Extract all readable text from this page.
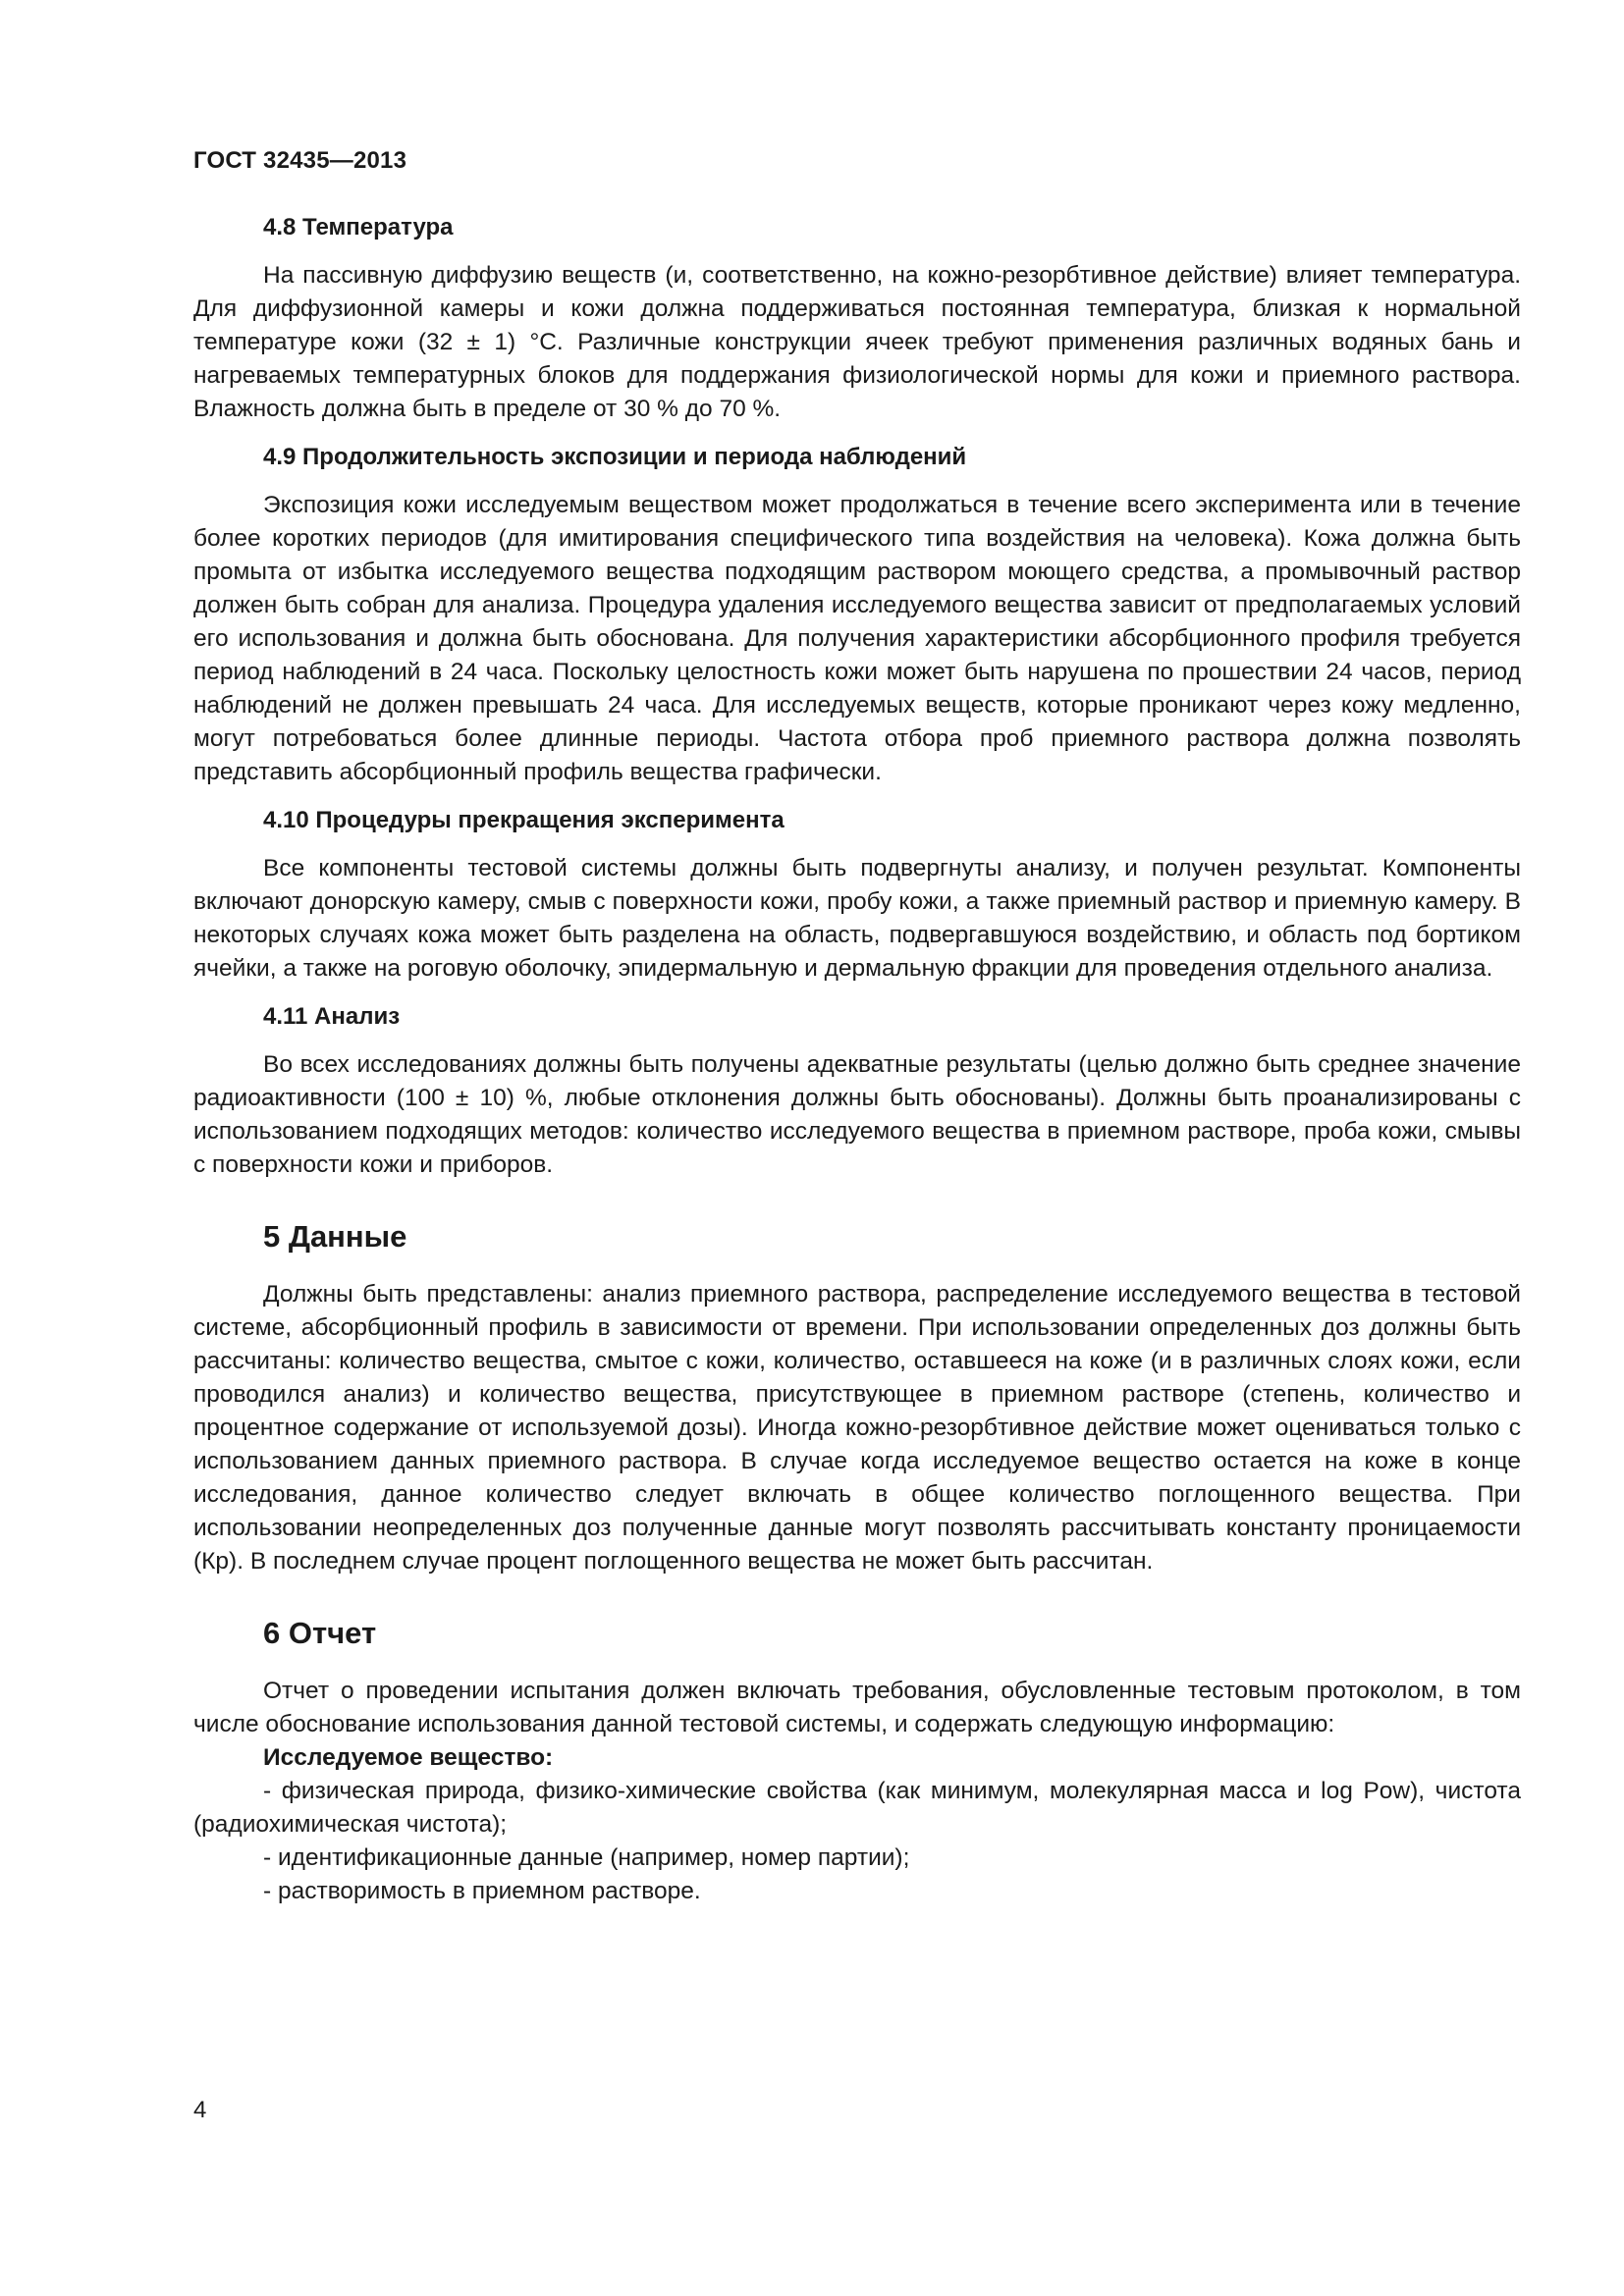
ГОСТ 32435—2013
4.8 Температура

На пассивную диффузию веществ (и, соответственно, на кожно-резорбтивное действие) влияет температура. Для диффузионной камеры и кожи должна поддерживаться постоянная температура, близкая к нормальной температуре кожи (32 ± 1) °С. Различные конструкции ячеек требуют применения различных водяных бань и нагреваемых температурных блоков для поддержания физиологической нормы для кожи и приемного раствора. Влажность должна быть в пределе от 30 % до 70 %.

4.9 Продолжительность экспозиции и периода наблюдений

Экспозиция кожи исследуемым веществом может продолжаться в течение всего эксперимента или в течение более коротких периодов (для имитирования специфического типа воздействия на человека). Кожа должна быть промыта от избытка исследуемого вещества подходящим раствором моющего средства, а промывочный раствор должен быть собран для анализа. Процедура удаления исследуемого вещества зависит от предполагаемых условий его использования и должна быть обоснована. Для получения характеристики абсорбционного профиля требуется период наблюдений в 24 часа. Поскольку целостность кожи может быть нарушена по прошествии 24 часов, период наблюдений не должен превышать 24 часа. Для исследуемых веществ, которые проникают через кожу медленно, могут потребоваться более длинные периоды. Частота отбора проб приемного раствора должна позволять представить абсорбционный профиль вещества графически.

4.10 Процедуры прекращения эксперимента

Все компоненты тестовой системы должны быть подвергнуты анализу, и получен результат. Компоненты включают донорскую камеру, смыв с поверхности кожи, пробу кожи, а также приемный раствор и приемную камеру. В некоторых случаях кожа может быть разделена на область, подвергавшуюся воздействию, и область под бортиком ячейки, а также на роговую оболочку, эпидермальную и дермальную фракции для проведения отдельного анализа.

4.11 Анализ

Во всех исследованиях должны быть получены адекватные результаты (целью должно быть среднее значение радиоактивности (100 ± 10) %, любые отклонения должны быть обоснованы). Должны быть проанализированы с использованием подходящих методов: количество исследуемого вещества в приемном растворе, проба кожи, смывы с поверхности кожи и приборов.

5 Данные

Должны быть представлены: анализ приемного раствора, распределение исследуемого вещества в тестовой системе, абсорбционный профиль в зависимости от времени. При использовании определенных доз должны быть рассчитаны: количество вещества, смытое с кожи, количество, оставшееся на коже (и в различных слоях кожи, если проводился анализ) и количество вещества, присутствующее в приемном растворе (степень, количество и процентное содержание от используемой дозы). Иногда кожно-резорбтивное действие может оцениваться только с использованием данных приемного раствора. В случае когда исследуемое вещество остается на коже в конце исследования, данное количество следует включать в общее количество поглощенного вещества. При использовании неопределенных доз полученные данные могут позволять рассчитывать константу проницаемости (Кр). В последнем случае процент поглощенного вещества не может быть рассчитан.

6 Отчет

Отчет о проведении испытания должен включать требования, обусловленные тестовым протоколом, в том числе обоснование использования данной тестовой системы, и содержать следующую информацию:

Исследуемое вещество:
- физическая природа, физико-химические свойства (как минимум, молекулярная масса и log Pow), чистота (радиохимическая чистота);
- идентификационные данные (например, номер партии);
- растворимость в приемном растворе.
4
